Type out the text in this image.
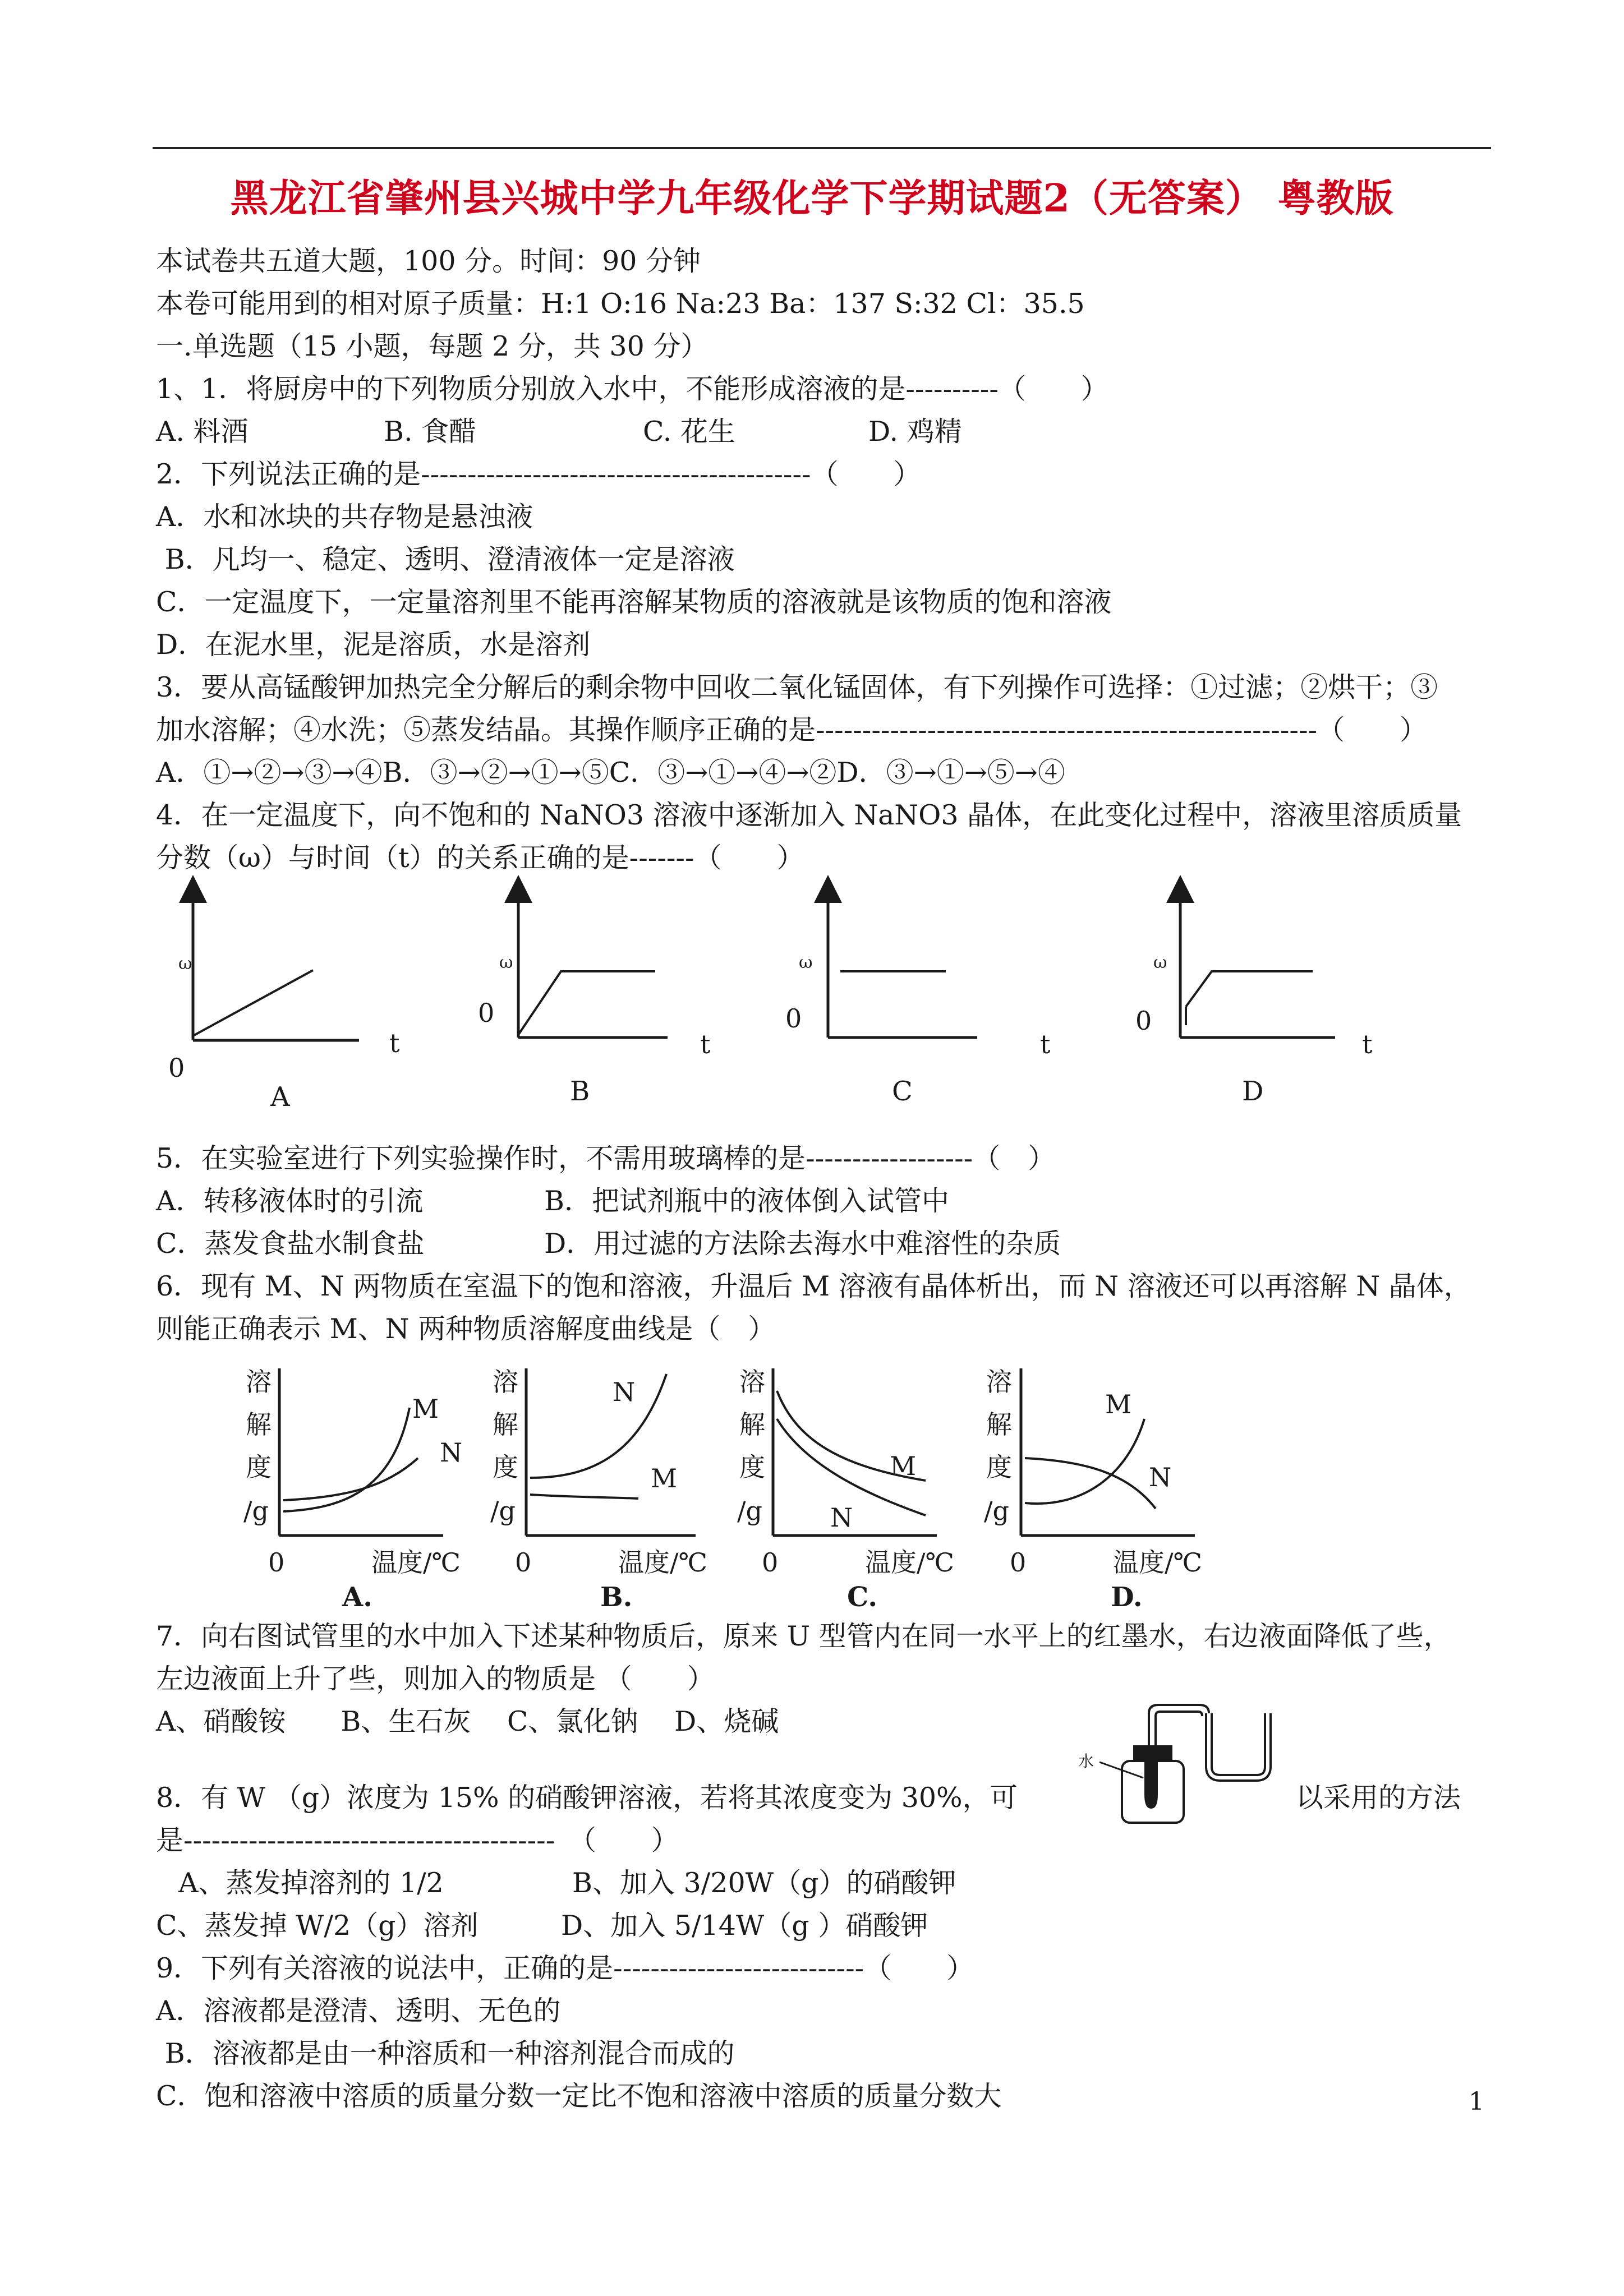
黑龙江省肇州县兴城中学九年级化学下学期试题2（无答案） 粤教版
本试卷共五道大题，100 分。时间：90 分钟
本卷可能用到的相对原子质量：H:1 O:16 Na:23 Ba：137 S:32 Cl：35.5
一.单选题（15 小题，每题 2 分，共 30 分）
1、1．将厨房中的下列物质分别放入水中，不能形成溶液的是----------（　　）
A. 料酒	B. 食醋	C. 花生	D. 鸡精
2．下列说法正确的是------------------------------------------（　　）
A．水和冰块的共存物是悬浊液
B．凡均一、稳定、透明、澄清液体一定是溶液
C．一定温度下，一定量溶剂里不能再溶解某物质的溶液就是该物质的饱和溶液
D．在泥水里，泥是溶质，水是溶剂
3．要从高锰酸钾加热完全分解后的剩余物中回收二氧化锰固体，有下列操作可选择：①过滤；②烘干；③
加水溶解；④水洗；⑤蒸发结晶。其操作顺序正确的是------------------------------------------------------（　　）
A．①→②→③→④B．③→②→①→⑤C．③→①→④→②D．③→①→⑤→④
4．在一定温度下，向不饱和的 NaNO3 溶液中逐渐加入 NaNO3 晶体，在此变化过程中，溶液里溶质质量
分数（ω）与时间（t）的关系正确的是-------（　　）
ω
t
0
A
ω
t
0
B
ω
t
0
C
ω
t
0
D
5．在实验室进行下列实验操作时，不需用玻璃棒的是------------------（　）
A．转移液体时的引流	B．把试剂瓶中的液体倒入试管中
C．蒸发食盐水制食盐	D．用过滤的方法除去海水中难溶性的杂质
6．现有 M、N 两物质在室温下的饱和溶液，升温后 M 溶液有晶体析出，而 N 溶液还可以再溶解 N 晶体，
则能正确表示 M、N 两种物质溶解度曲线是（　）
溶
解
度
/g
M
N
0	温度/℃
A.
溶
解
度
/g
N
M
0	温度/℃
B.
溶
解
度
/g
M
N
0	温度/℃
C.
溶
解
度
/g
M
N
0	温度/℃
D.
7．向右图试管里的水中加入下述某种物质后，原来 U 型管内在同一水平上的红墨水，右边液面降低了些，
左边液面上升了些，则加入的物质是 （　　）
A、硝酸铵　　B、生石灰　 C、氯化钠　 D、烧碱
水
8．有 W （g）浓度为 15% 的硝酸钾溶液，若将其浓度变为 30%，可	以采用的方法
是----------------------------------------　（　　）
A、蒸发掉溶剂的 1/2	B、加入 3/20W（g）的硝酸钾
C、蒸发掉 W/2（g）溶剂	D、加入 5/14W（g ）硝酸钾
9．下列有关溶液的说法中，正确的是---------------------------（　　）
A．溶液都是澄清、透明、无色的
B．溶液都是由一种溶质和一种溶剂混合而成的
C．饱和溶液中溶质的质量分数一定比不饱和溶液中溶质的质量分数大	1
